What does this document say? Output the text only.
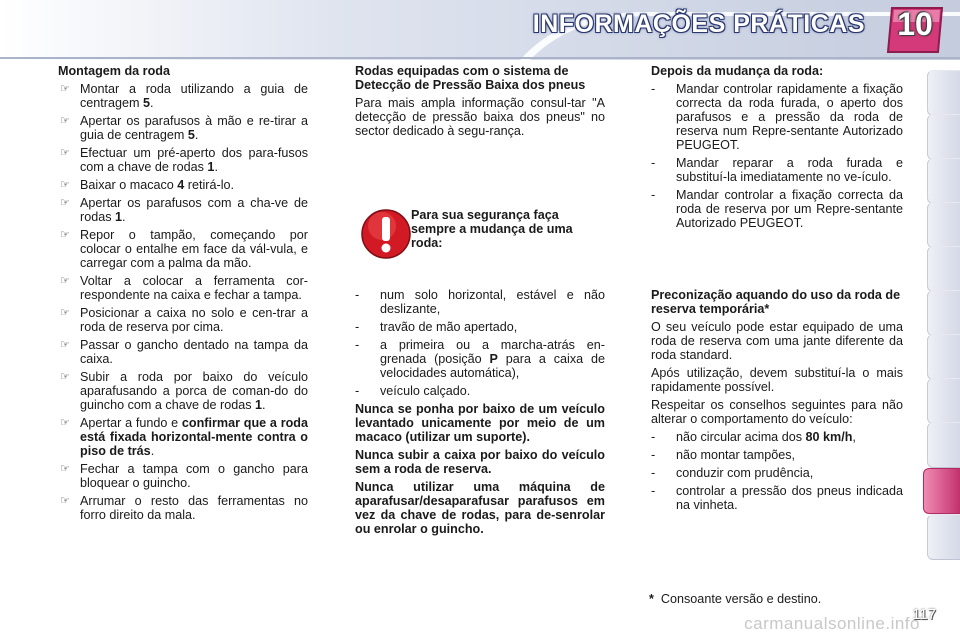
INFORMAÇÕES PRÁTICAS	10

Montagem da roda

☞ Montar a roda utilizando a guia de centragem 5.
☞ Apertar os parafusos à mão e re-tirar a guia de centragem 5.
☞ Efectuar um pré-aperto dos para-fusos com a chave de rodas 1.
☞ Baixar o macaco 4 retirá-lo.
☞ Apertar os parafusos com a cha-ve de rodas 1.
☞ Repor o tampão, começando por colocar o entalhe em face da vál-vula, e carregar com a palma da mão.
☞ Voltar a colocar a ferramenta cor-respondente na caixa e fechar a tampa.
☞ Posicionar a caixa no solo e cen-trar a roda de reserva por cima.
☞ Passar o gancho dentado na tampa da caixa.
☞ Subir a roda por baixo do veículo aparafusando a porca de coman-do do guincho com a chave de rodas 1.
☞ Apertar a fundo e confirmar que a roda está fixada horizontal-mente contra o piso de trás.
☞ Fechar a tampa com o gancho para bloquear o guincho.
☞ Arrumar o resto das ferramentas no forro direito da mala.

Rodas equipadas com o sistema de Detecção de Pressão Baixa dos pneus

Para mais ampla informação consul-tar "A detecção de pressão baixa dos pneus" no sector dedicado à segu-rança.

Para sua segurança faça sempre a mudança de uma roda:
- num solo horizontal, estável e não deslizante,
- travão de mão apertado,
- a primeira ou a marcha-atrás en-grenada (posição P para a caixa de velocidades automática),
- veículo calçado.

Nunca se ponha por baixo de um veículo levantado unicamente por meio de um macaco (utilizar um suporte).

Nunca subir a caixa por baixo do veículo sem a roda de reserva.

Nunca utilizar uma máquina de aparafusar/desaparafusar parafusos em vez da chave de rodas, para de-senrolar ou enrolar o guincho.

Depois da mudança da roda:

- Mandar controlar rapidamente a fixação correcta da roda furada, o aperto dos parafusos e a pressão da roda de reserva num Repre-sentante Autorizado PEUGEOT.
- Mandar reparar a roda furada e substituí-la imediatamente no ve-ículo.
- Mandar controlar a fixação correcta da roda de reserva por um Repre-sentante Autorizado PEUGEOT.

Preconização aquando do uso da roda de reserva temporária*

O seu veículo pode estar equipado de uma roda de reserva com uma jante diferente da roda standard.

Após utilização, devem substituí-la o mais rapidamente possível.

Respeitar os conselhos seguintes para não alterar o comportamento do veículo:

- não circular acima dos 80 km/h,
- não montar tampões,
- conduzir com prudência,
- controlar a pressão dos pneus indicada na vinheta.
* Consoante versão e destino.
carmanualsonline.info
117
